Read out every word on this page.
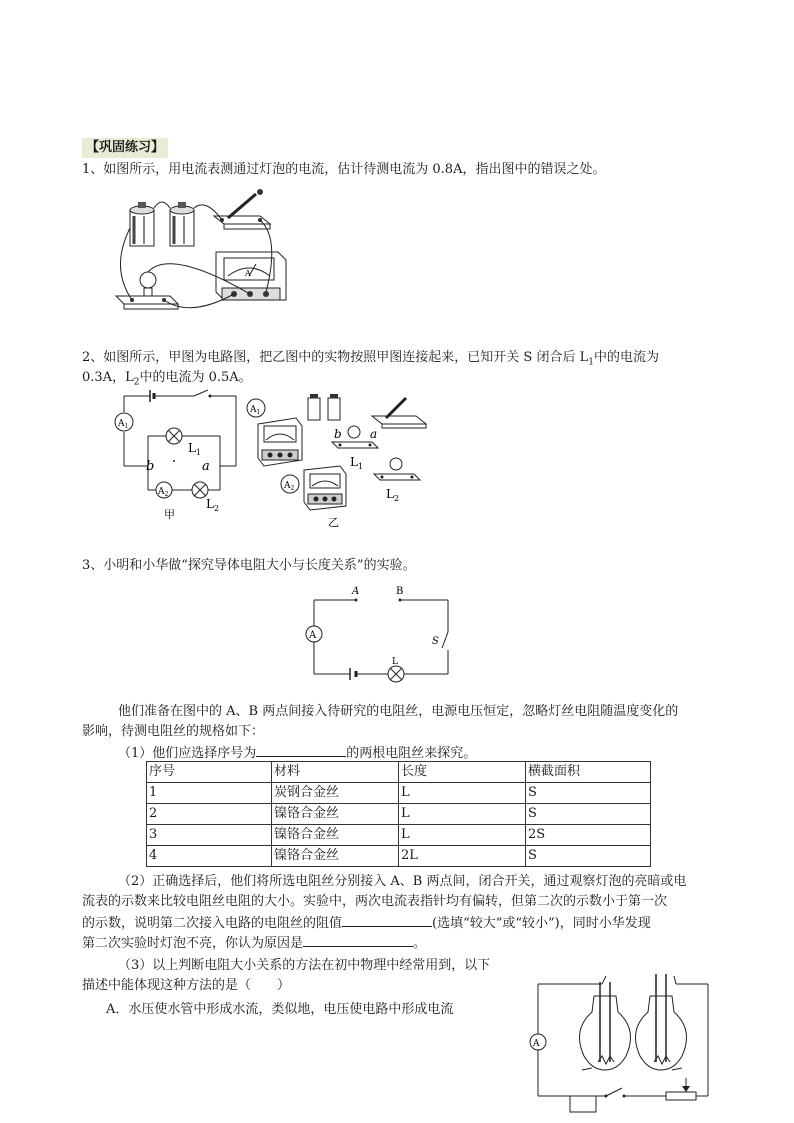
【巩固练习】
1、如图所示，用电流表测通过灯泡的电流，估计待测电流为 0.8A，指出图中的错误之处。
A
2、如图所示，甲图为电路图，把乙图中的实物按照甲图连接起来，已知开关 S 闭合后 $L_1$中的电流为
0.3A，$L_2$中的电流为 0.5A。
$A_1$
$A_2$
$L_1$
$L_2$
b	a
甲
$A_1$
b a
$L_1$
$A_2$	$L_2$
乙
3、小明和小华做“探究导体电阻大小与长度关系”的实验。
A
A	B
S
L
他们准备在图中的 A、B 两点间接入待研究的电阻丝，电源电压恒定，忽略灯丝电阻随温度变化的
影响，待测电阻丝的规格如下：
（1）他们应选择序号为	的两根电阻丝来探究。
序号	材料	长度	横截面积
1	炭钢合金丝	L	S
2	镍铬合金丝	L	S
3	镍铬合金丝	L	2S
4	镍铬合金丝	2L	S
（2）正确选择后，他们将所选电阻丝分别接入 A、B 两点间，闭合开关，通过观察灯泡的亮暗或电
流表的示数来比较电阻丝电阻的大小。实验中，两次电流表指针均有偏转，但第二次的示数小于第一次
的示数，说明第二次接入电路的电阻丝的阻值	(选填“较大”或“较小”)，同时小华发现
第二次实验时灯泡不亮，你认为原因是	。
（3）以上判断电阻大小关系的方法在初中物理中经常用到，以下
描述中能体现这种方法的是（　　）
A．水压使水管中形成水流，类似地，电压使电路中形成电流
A
